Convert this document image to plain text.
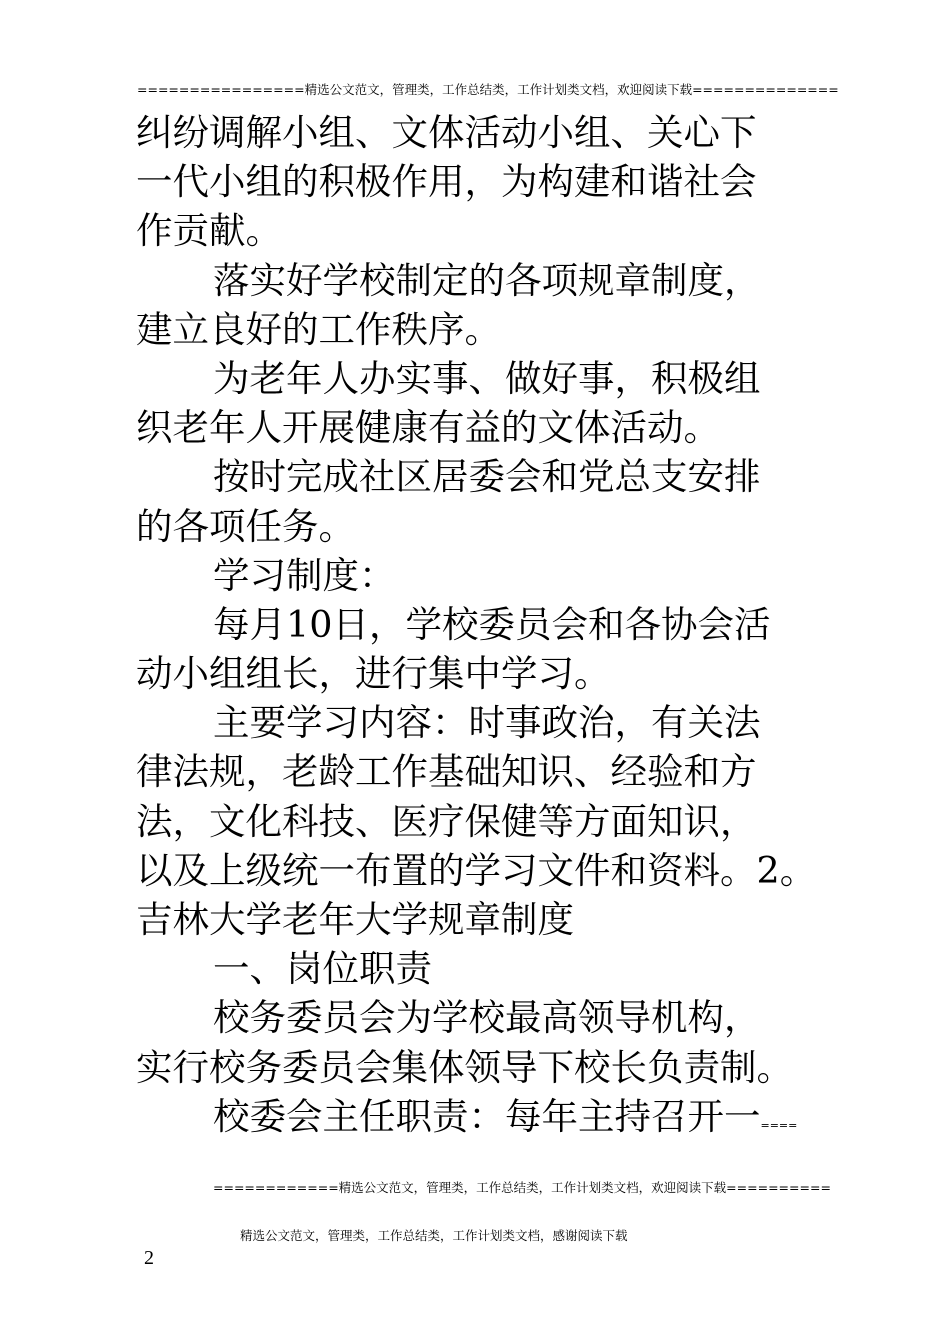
================精选公文范文，管理类，工作总结类，工作计划类文档，欢迎阅读下载==============
纠纷调解小组、文体活动小组、关心下
一代小组的积极作用，为构建和谐社会
作贡献。
落实好学校制定的各项规章制度，
建立良好的工作秩序。
为老年人办实事、做好事，积极组
织老年人开展健康有益的文体活动。
按时完成社区居委会和党总支安排
的各项任务。
学习制度：
每月10日，学校委员会和各协会活
动小组组长，进行集中学习。
主要学习内容：时事政治，有关法
律法规，老龄工作基础知识、经验和方
法，文化科技、医疗保健等方面知识，
以及上级统一布置的学习文件和资料。2。
吉林大学老年大学规章制度
一、岗位职责
校务委员会为学校最高领导机构，
实行校务委员会集体领导下校长负责制。
校委会主任职责：每年主持召开一====
============精选公文范文，管理类，工作总结类，工作计划类文档，欢迎阅读下载==========
精选公文范文，管理类，工作总结类，工作计划类文档，感谢阅读下载
2
